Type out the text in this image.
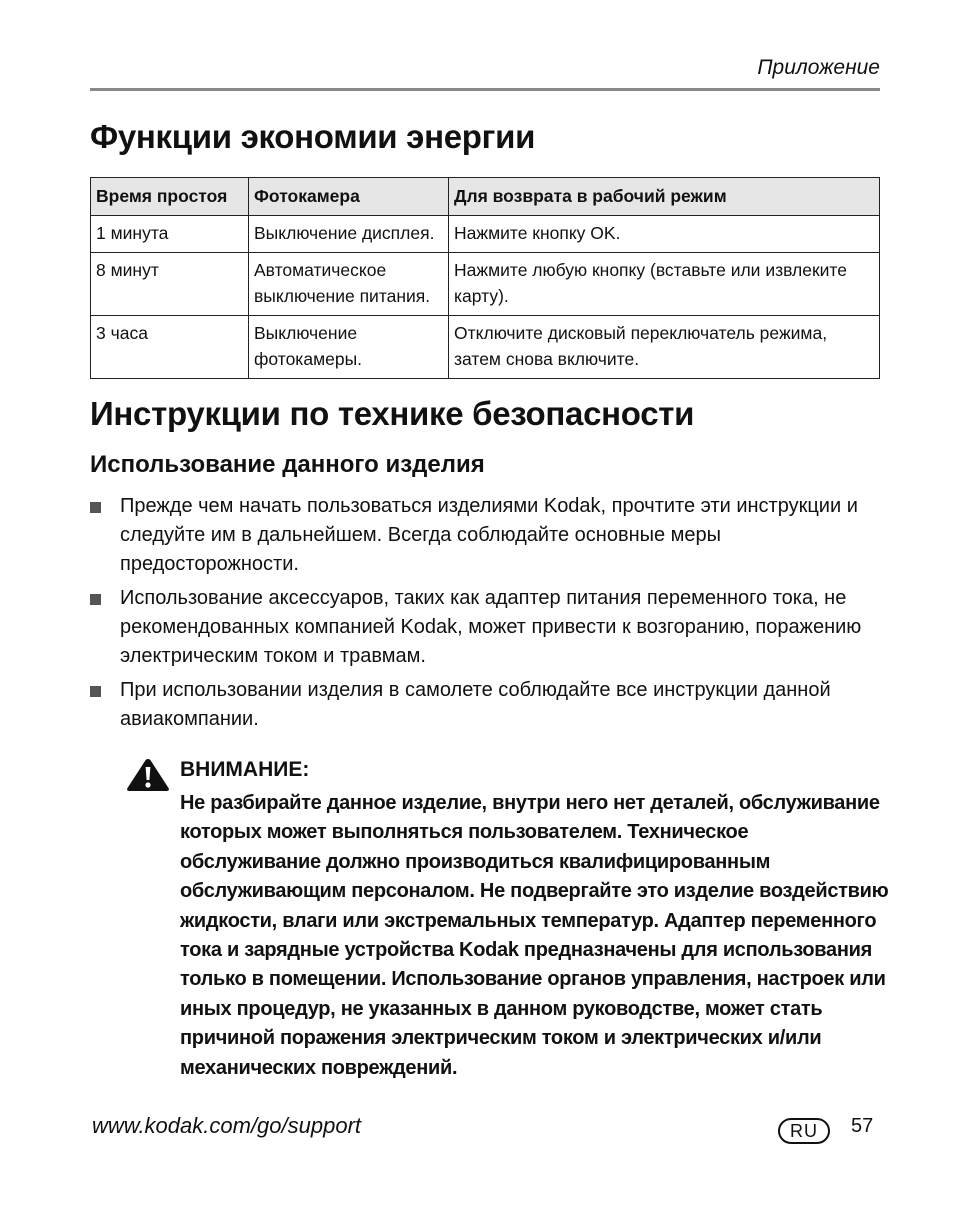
Приложение
Функции экономии энергии
Время простоя	Фотокамера	Для возврата в рабочий режим
1 минута	Выключение дисплея.	Нажмите кнопку OK.
8 минут	Автоматическое выключение питания.	Нажмите любую кнопку (вставьте или извлеките карту).
3 часа	Выключение фотокамеры.	Отключите дисковый переключатель режима, затем снова включите.
Инструкции по технике безопасности
Использование данного изделия
Прежде чем начать пользоваться изделиями Kodak, прочтите эти инструкции и следуйте им в дальнейшем. Всегда соблюдайте основные меры предосторожности.
Использование аксессуаров, таких как адаптер питания переменного тока, не рекомендованных компанией Kodak, может привести к возгоранию, поражению электрическим током и травмам.
При использовании изделия в самолете соблюдайте все инструкции данной авиакомпании.
ВНИМАНИЕ:
Не разбирайте данное изделие, внутри него нет деталей, обслуживание которых может выполняться пользователем. Техническое обслуживание должно производиться квалифицированным обслуживающим персоналом. Не подвергайте это изделие воздействию жидкости, влаги или экстремальных температур. Адаптер переменного тока и зарядные устройства Kodak предназначены для использования только в помещении. Использование органов управления, настроек или иных процедур, не указанных в данном руководстве, может стать причиной поражения электрическим током и электрических и/или механических повреждений.
www.kodak.com/go/support	RU	57
